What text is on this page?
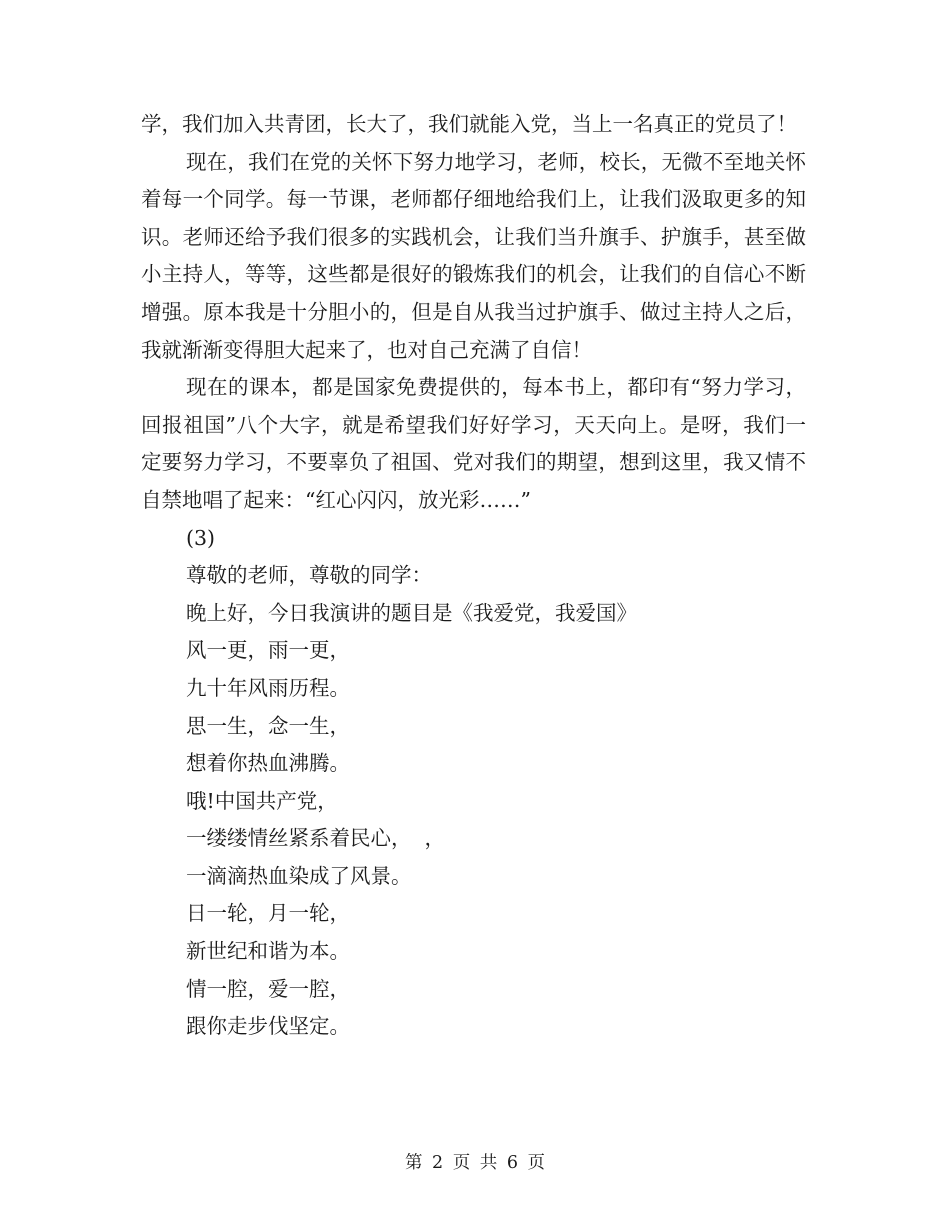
学，我们加入共青团，长大了，我们就能入党，当上一名真正的党员了！

现在，我们在党的关怀下努力地学习，老师，校长，无微不至地关怀着每一个同学。每一节课，老师都仔细地给我们上，让我们汲取更多的知识。老师还给予我们很多的实践机会，让我们当升旗手、护旗手，甚至做小主持人，等等，这些都是很好的锻炼我们的机会，让我们的自信心不断增强。原本我是十分胆小的，但是自从我当过护旗手、做过主持人之后，我就渐渐变得胆大起来了，也对自己充满了自信！

现在的课本，都是国家免费提供的，每本书上，都印有“努力学习，回报祖国”八个大字，就是希望我们好好学习，天天向上。是呀，我们一定要努力学习，不要辜负了祖国、党对我们的期望，想到这里，我又情不自禁地唱了起来：“红心闪闪，放光彩……”

(3)

尊敬的老师，尊敬的同学：

晚上好，今日我演讲的题目是《我爱党，我爱国》

风一更，雨一更，

九十年风雨历程。

思一生，念一生，

想着你热血沸腾。

哦!中国共产党，

一缕缕情丝紧系着民心，  ，

一滴滴热血染成了风景。

日一轮，月一轮，

新世纪和谐为本。

情一腔，爱一腔，

跟你走步伐坚定。

第 2 页 共 6 页
